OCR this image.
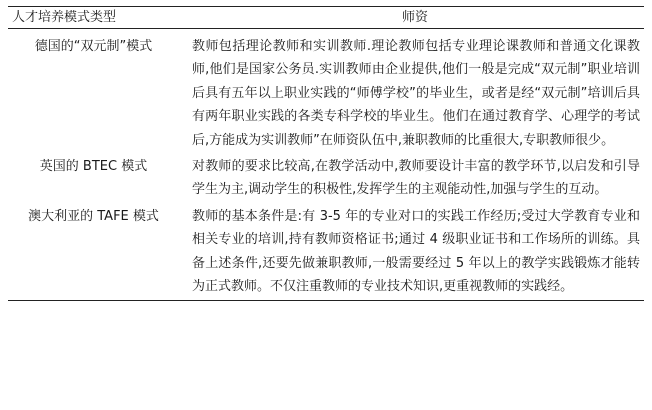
人才培养模式类型	师资
德国的“双元制”模式	教师包括理论教师和实训教师.理论教师包括专业理论课教师和普通文化课教师,他们是国家公务员.实训教师由企业提供,他们一般是完成“双元制”职业培训后具有五年以上职业实践的“师傅学校”的毕业生，或者是经“双元制”培训后具有两年职业实践的各类专科学校的毕业生。他们在通过教育学、心理学的考试后,方能成为实训教师”在师资队伍中,兼职教师的比重很大,专职教师很少。
英国的 BTEC 模式	对教师的要求比较高,在教学活动中,教师要设计丰富的教学环节,以启发和引导学生为主,调动学生的积极性,发挥学生的主观能动性,加强与学生的互动。
澳大利亚的 TAFE 模式	教师的基本条件是:有 3-5 年的专业对口的实践工作经历;受过大学教育专业和相关专业的培训,持有教师资格证书;通过 4 级职业证书和工作场所的训练。具备上述条件,还要先做兼职教师,一般需要经过 5 年以上的教学实践锻炼才能转为正式教师。不仅注重教师的专业技术知识,更重视教师的实践经。
